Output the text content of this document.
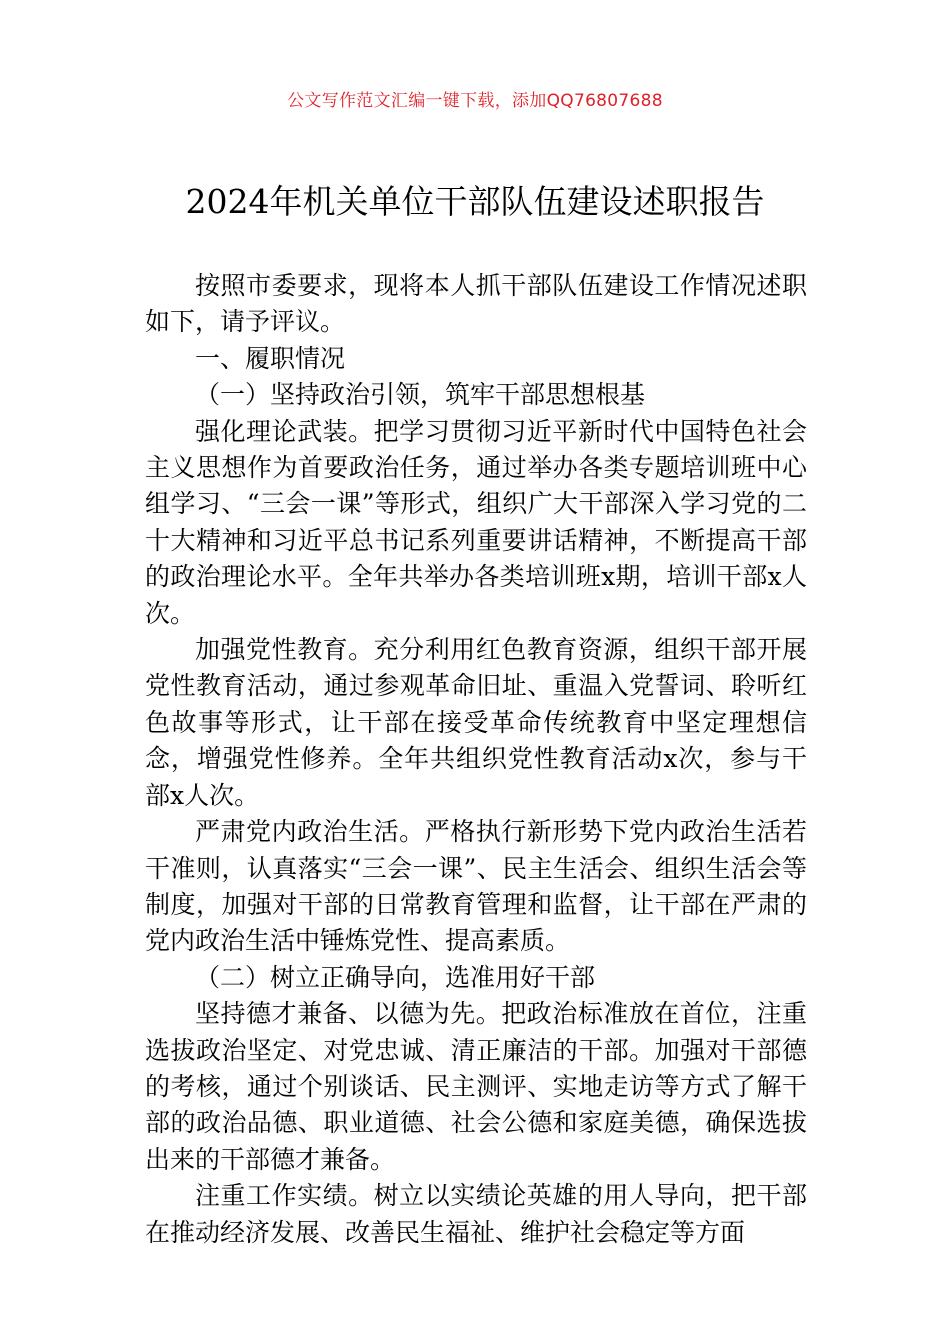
公文写作范文汇编一键下载，添加QQ76807688
2024年机关单位干部队伍建设述职报告

按照市委要求，现将本人抓干部队伍建设工作情况述职如下，请予评议。

一、履职情况

（一）坚持政治引领，筑牢干部思想根基

强化理论武装。把学习贯彻习近平新时代中国特色社会主义思想作为首要政治任务，通过举办各类专题培训班中心组学习、“三会一课”等形式，组织广大干部深入学习党的二十大精神和习近平总书记系列重要讲话精神，不断提高干部的政治理论水平。全年共举办各类培训班x期，培训干部x人次。

加强党性教育。充分利用红色教育资源，组织干部开展党性教育活动，通过参观革命旧址、重温入党誓词、聆听红色故事等形式，让干部在接受革命传统教育中坚定理想信念，增强党性修养。全年共组织党性教育活动x次，参与干部x人次。

严肃党内政治生活。严格执行新形势下党内政治生活若干准则，认真落实“三会一课”、民主生活会、组织生活会等制度，加强对干部的日常教育管理和监督，让干部在严肃的党内政治生活中锤炼党性、提高素质。

（二）树立正确导向，选准用好干部

坚持德才兼备、以德为先。把政治标准放在首位，注重选拔政治坚定、对党忠诚、清正廉洁的干部。加强对干部德的考核，通过个别谈话、民主测评、实地走访等方式了解干部的政治品德、职业道德、社会公德和家庭美德，确保选拔出来的干部德才兼备。

注重工作实绩。树立以实绩论英雄的用人导向，把干部在推动经济发展、改善民生福祉、维护社会稳定等方面
